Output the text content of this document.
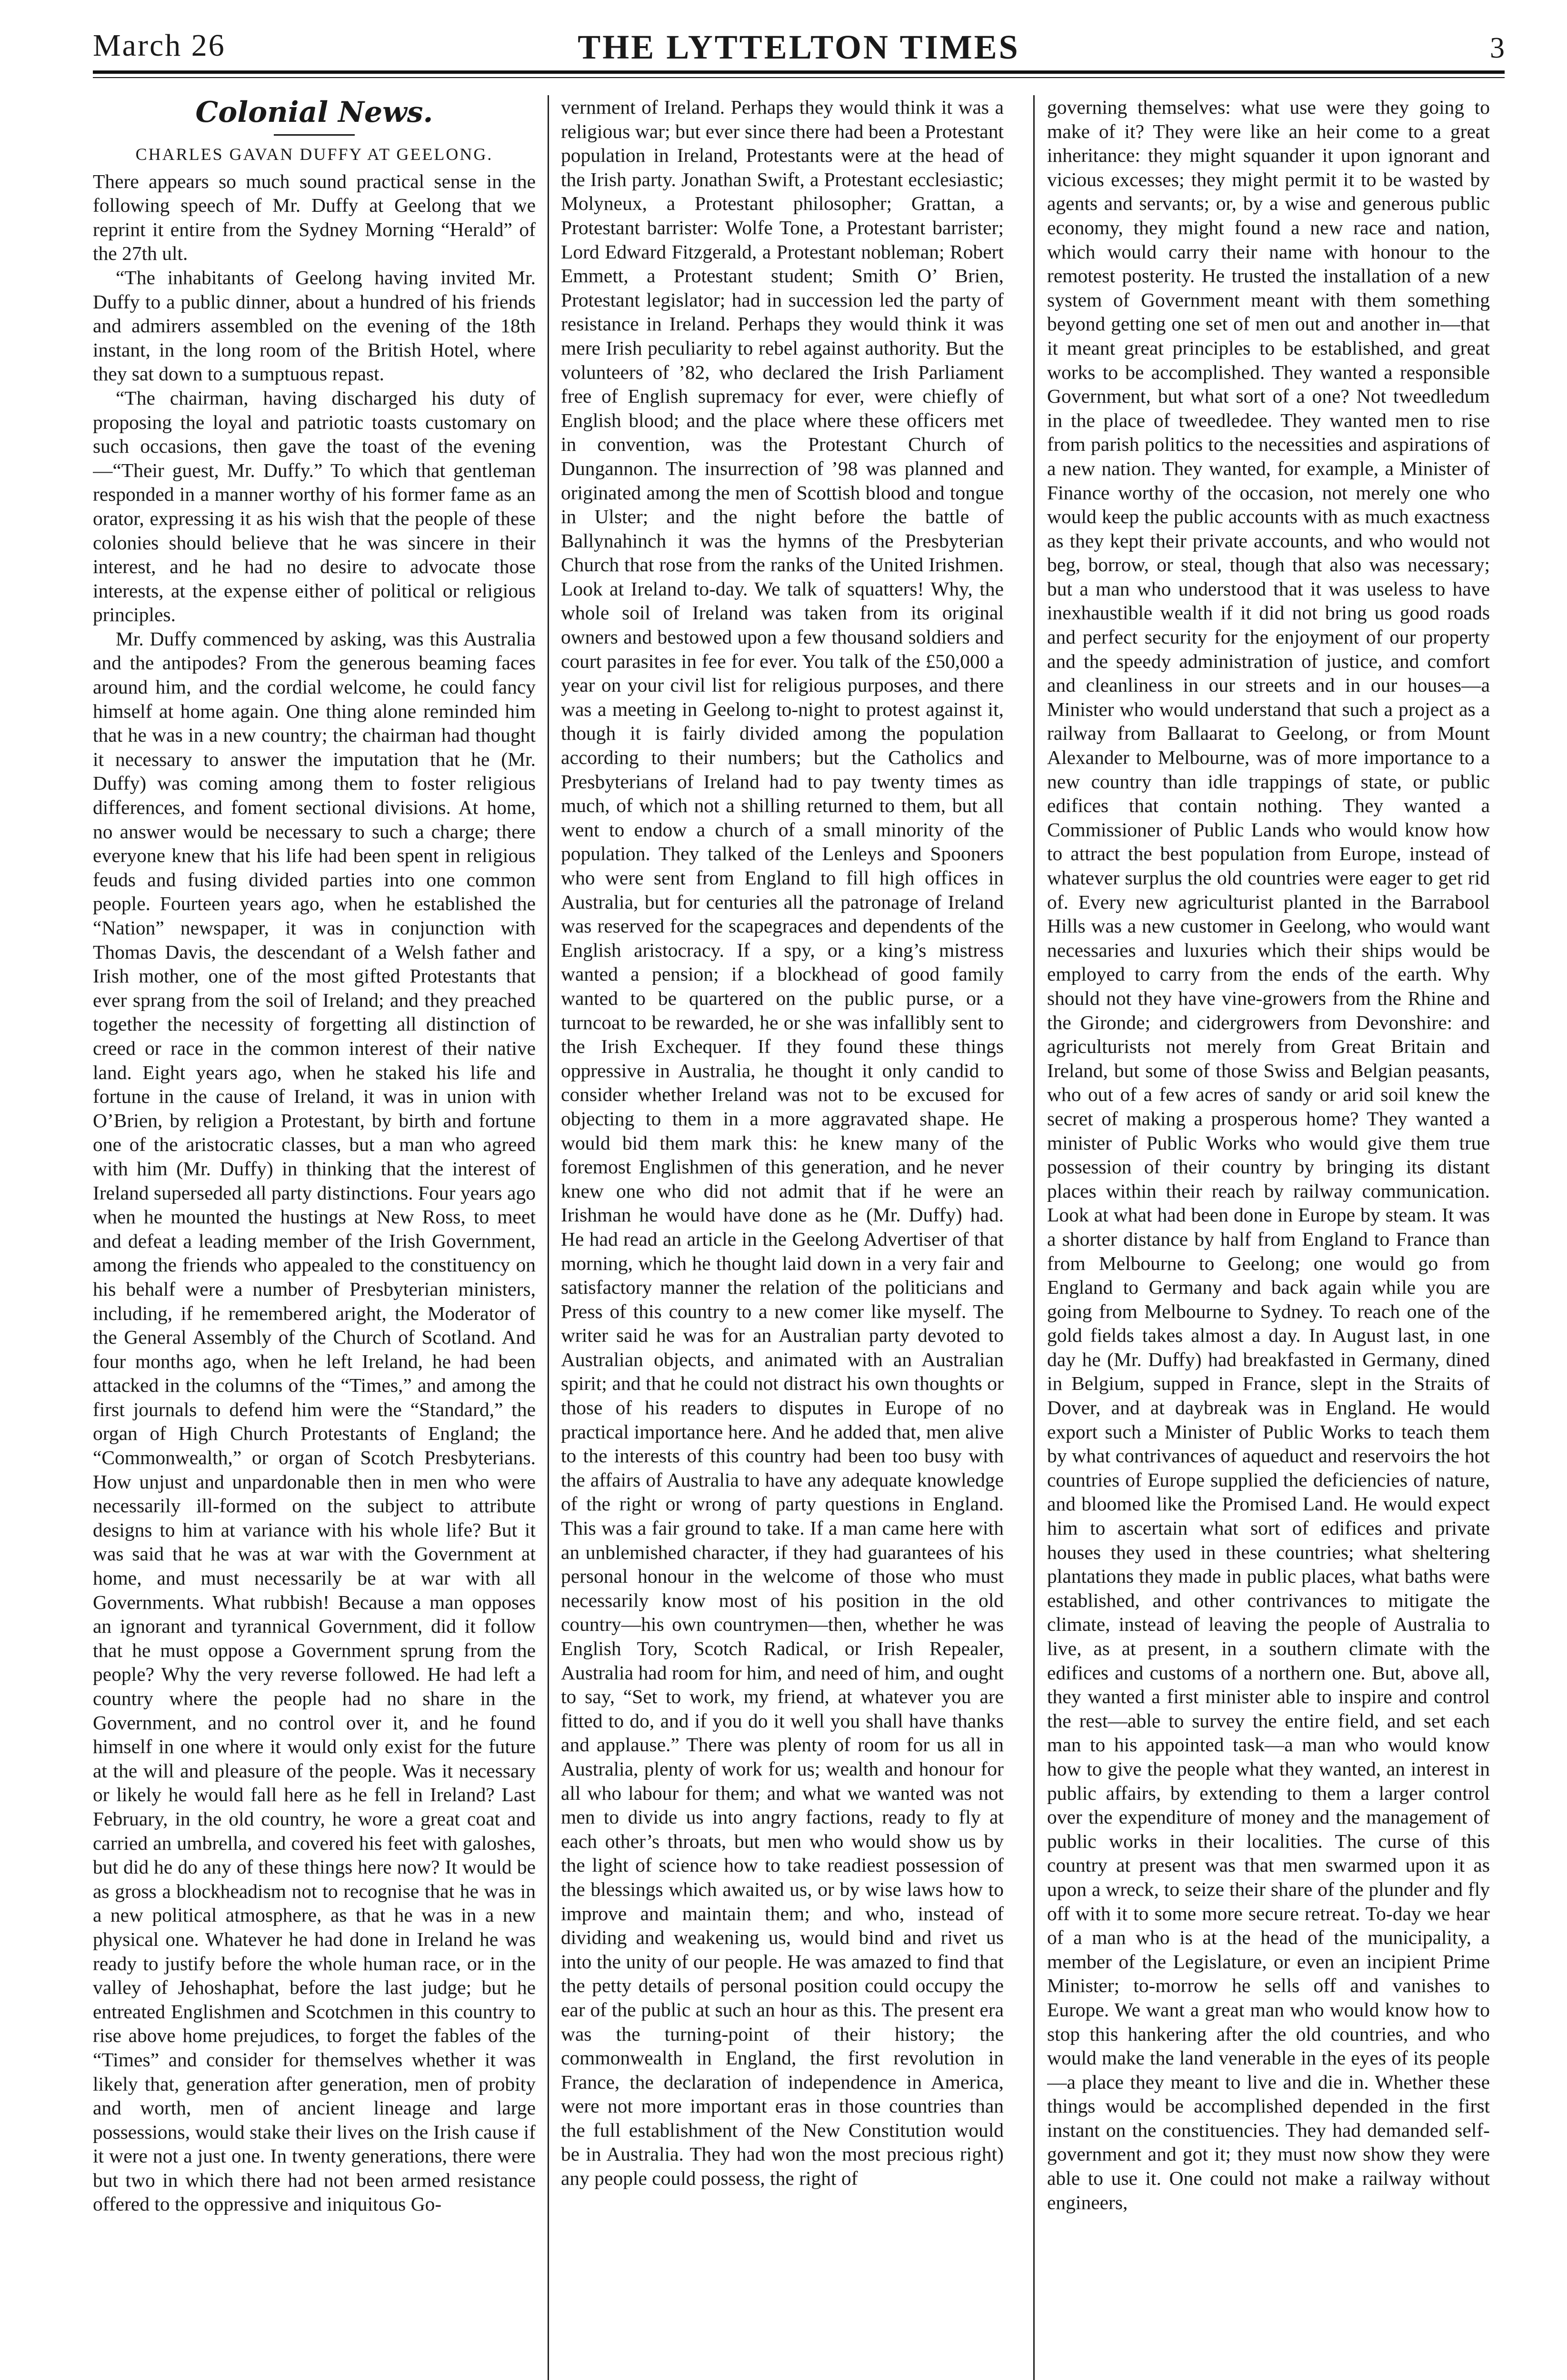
March 26	THE LYTTELTON TIMES	3
Colonial News.
CHARLES GAVAN DUFFY AT GEELONG.

There appears so much sound practical sense in the following speech of Mr. Duffy at Geelong that we reprint it entire from the Sydney Morning “Herald” of the 27th ult.

“The inhabitants of Geelong having invited Mr. Duffy to a public dinner, about a hundred of his friends and admirers assembled on the evening of the 18th instant, in the long room of the British Hotel, where they sat down to a sumptuous repast.

“The chairman, having discharged his duty of proposing the loyal and patriotic toasts customary on such occasions, then gave the toast of the evening—“Their guest, Mr. Duffy.” To which that gentleman responded in a manner worthy of his former fame as an orator, expressing it as his wish that the people of these colonies should believe that he was sincere in their interest, and he had no desire to advocate those interests, at the expense either of political or religious principles.

Mr. Duffy commenced by asking, was this Australia and the antipodes? From the generous beaming faces around him, and the cordial welcome, he could fancy himself at home again. One thing alone reminded him that he was in a new country; the chairman had thought it necessary to answer the imputation that he (Mr. Duffy) was coming among them to foster religious differences, and foment sectional divisions. At home, no answer would be necessary to such a charge; there everyone knew that his life had been spent in religious feuds and fusing divided parties into one common people. Fourteen years ago, when he established the “Nation” newspaper, it was in conjunction with Thomas Davis, the descendant of a Welsh father and Irish mother, one of the most gifted Protestants that ever sprang from the soil of Ireland; and they preached together the necessity of forgetting all distinction of creed or race in the common interest of their native land. Eight years ago, when he staked his life and fortune in the cause of Ireland, it was in union with O’Brien, by religion a Protestant, by birth and fortune one of the aristocratic classes, but a man who agreed with him (Mr. Duffy) in thinking that the interest of Ireland superseded all party distinctions. Four years ago when he mounted the hustings at New Ross, to meet and defeat a leading member of the Irish Government, among the friends who appealed to the constituency on his behalf were a number of Presbyterian ministers, including, if he remembered aright, the Moderator of the General Assembly of the Church of Scotland. And four months ago, when he left Ireland, he had been attacked in the columns of the “Times,” and among the first journals to defend him were the “Standard,” the organ of High Church Protestants of England; the “Commonwealth,” or organ of Scotch Presbyterians. How unjust and unpardonable then in men who were necessarily ill-formed on the subject to attribute designs to him at variance with his whole life? But it was said that he was at war with the Government at home, and must necessarily be at war with all Governments. What rubbish! Because a man opposes an ignorant and tyrannical Government, did it follow that he must oppose a Government sprung from the people? Why the very reverse followed. He had left a country where the people had no share in the Government, and no control over it, and he found himself in one where it would only exist for the future at the will and pleasure of the people. Was it necessary or likely he would fall here as he fell in Ireland? Last February, in the old country, he wore a great coat and carried an umbrella, and covered his feet with galoshes, but did he do any of these things here now? It would be as gross a blockheadism not to recognise that he was in a new political atmosphere, as that he was in a new physical one. Whatever he had done in Ireland he was ready to justify before the whole human race, or in the valley of Jehoshaphat, before the last judge; but he entreated Englishmen and Scotchmen in this country to rise above home prejudices, to forget the fables of the “Times” and consider for themselves whether it was likely that, generation after generation, men of probity and worth, men of ancient lineage and large possessions, would stake their lives on the Irish cause if it were not a just one. In twenty generations, there were but two in which there had not been armed resistance offered to the oppressive and iniquitous Go-

vernment of Ireland. Perhaps they would think it was a religious war; but ever since there had been a Protestant population in Ireland, Protestants were at the head of the Irish party. Jonathan Swift, a Protestant ecclesiastic; Molyneux, a Protestant philosopher; Grattan, a Protestant barrister: Wolfe Tone, a Protestant barrister; Lord Edward Fitzgerald, a Protestant nobleman; Robert Emmett, a Protestant student; Smith O’ Brien, Protestant legislator; had in succession led the party of resistance in Ireland. Perhaps they would think it was mere Irish peculiarity to rebel against authority. But the volunteers of ’82, who declared the Irish Parliament free of English supremacy for ever, were chiefly of English blood; and the place where these officers met in convention, was the Protestant Church of Dungannon. The insurrection of ’98 was planned and originated among the men of Scottish blood and tongue in Ulster; and the night before the battle of Ballynahinch it was the hymns of the Presbyterian Church that rose from the ranks of the United Irishmen. Look at Ireland to-day. We talk of squatters! Why, the whole soil of Ireland was taken from its original owners and bestowed upon a few thousand soldiers and court parasites in fee for ever. You talk of the £50,000 a year on your civil list for religious purposes, and there was a meeting in Geelong to-night to protest against it, though it is fairly divided among the population according to their numbers; but the Catholics and Presbyterians of Ireland had to pay twenty times as much, of which not a shilling returned to them, but all went to endow a church of a small minority of the population. They talked of the Lenleys and Spooners who were sent from England to fill high offices in Australia, but for centuries all the patronage of Ireland was reserved for the scapegraces and dependents of the English aristocracy. If a spy, or a king’s mistress wanted a pension; if a blockhead of good family wanted to be quartered on the public purse, or a turncoat to be rewarded, he or she was infallibly sent to the Irish Exchequer. If they found these things oppressive in Australia, he thought it only candid to consider whether Ireland was not to be excused for objecting to them in a more aggravated shape. He would bid them mark this: he knew many of the foremost Englishmen of this generation, and he never knew one who did not admit that if he were an Irishman he would have done as he (Mr. Duffy) had. He had read an article in the Geelong Advertiser of that morning, which he thought laid down in a very fair and satisfactory manner the relation of the politicians and Press of this country to a new comer like myself. The writer said he was for an Australian party devoted to Australian objects, and animated with an Australian spirit; and that he could not distract his own thoughts or those of his readers to disputes in Europe of no practical importance here. And he added that, men alive to the interests of this country had been too busy with the affairs of Australia to have any adequate knowledge of the right or wrong of party questions in England. This was a fair ground to take. If a man came here with an unblemished character, if they had guarantees of his personal honour in the welcome of those who must necessarily know most of his position in the old country—his own countrymen—then, whether he was English Tory, Scotch Radical, or Irish Repealer, Australia had room for him, and need of him, and ought to say, “Set to work, my friend, at whatever you are fitted to do, and if you do it well you shall have thanks and applause.” There was plenty of room for us all in Australia, plenty of work for us; wealth and honour for all who labour for them; and what we wanted was not men to divide us into angry factions, ready to fly at each other’s throats, but men who would show us by the light of science how to take readiest possession of the blessings which awaited us, or by wise laws how to improve and maintain them; and who, instead of dividing and weakening us, would bind and rivet us into the unity of our people. He was amazed to find that the petty details of personal position could occupy the ear of the public at such an hour as this. The present era was the turning-point of their history; the commonwealth in England, the first revolution in France, the declaration of independence in America, were not more important eras in those countries than the full establishment of the New Constitution would be in Australia. They had won the most precious right) any people could possess, the right of

governing themselves: what use were they going to make of it? They were like an heir come to a great inheritance: they might squander it upon ignorant and vicious excesses; they might permit it to be wasted by agents and servants; or, by a wise and generous public economy, they might found a new race and nation, which would carry their name with honour to the remotest posterity. He trusted the installation of a new system of Government meant with them something beyond getting one set of men out and another in—that it meant great principles to be established, and great works to be accomplished. They wanted a responsible Government, but what sort of a one? Not tweedledum in the place of tweedledee. They wanted men to rise from parish politics to the necessities and aspirations of a new nation. They wanted, for example, a Minister of Finance worthy of the occasion, not merely one who would keep the public accounts with as much exactness as they kept their private accounts, and who would not beg, borrow, or steal, though that also was necessary; but a man who understood that it was useless to have inexhaustible wealth if it did not bring us good roads and perfect security for the enjoyment of our property and the speedy administration of justice, and comfort and cleanliness in our streets and in our houses—a Minister who would understand that such a project as a railway from Ballaarat to Geelong, or from Mount Alexander to Melbourne, was of more importance to a new country than idle trappings of state, or public edifices that contain nothing. They wanted a Commissioner of Public Lands who would know how to attract the best population from Europe, instead of whatever surplus the old countries were eager to get rid of. Every new agriculturist planted in the Barrabool Hills was a new customer in Geelong, who would want necessaries and luxuries which their ships would be employed to carry from the ends of the earth. Why should not they have vine-growers from the Rhine and the Gironde; and cidergrowers from Devonshire: and agriculturists not merely from Great Britain and Ireland, but some of those Swiss and Belgian peasants, who out of a few acres of sandy or arid soil knew the secret of making a prosperous home? They wanted a minister of Public Works who would give them true possession of their country by bringing its distant places within their reach by railway communication. Look at what had been done in Europe by steam. It was a shorter distance by half from England to France than from Melbourne to Geelong; one would go from England to Germany and back again while you are going from Melbourne to Sydney. To reach one of the gold fields takes almost a day. In August last, in one day he (Mr. Duffy) had breakfasted in Germany, dined in Belgium, supped in France, slept in the Straits of Dover, and at daybreak was in England. He would export such a Minister of Public Works to teach them by what contrivances of aqueduct and reservoirs the hot countries of Europe supplied the deficiencies of nature, and bloomed like the Promised Land. He would expect him to ascertain what sort of edifices and private houses they used in these countries; what sheltering plantations they made in public places, what baths were established, and other contrivances to mitigate the climate, instead of leaving the people of Australia to live, as at present, in a southern climate with the edifices and customs of a northern one. But, above all, they wanted a first minister able to inspire and control the rest—able to survey the entire field, and set each man to his appointed task—a man who would know how to give the people what they wanted, an interest in public affairs, by extending to them a larger control over the expenditure of money and the management of public works in their localities. The curse of this country at present was that men swarmed upon it as upon a wreck, to seize their share of the plunder and fly off with it to some more secure retreat. To-day we hear of a man who is at the head of the municipality, a member of the Legislature, or even an incipient Prime Minister; to-morrow he sells off and vanishes to Europe. We want a great man who would know how to stop this hankering after the old countries, and who would make the land venerable in the eyes of its people—a place they meant to live and die in. Whether these things would be accomplished depended in the first instant on the constituencies. They had demanded self-government and got it; they must now show they were able to use it. One could not make a railway without engineers,
